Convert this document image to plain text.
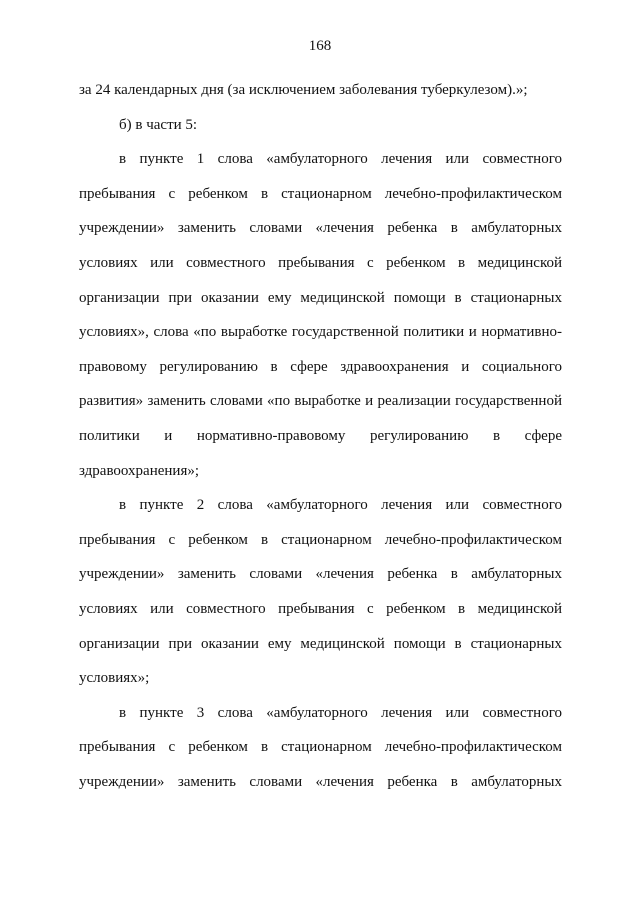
168
за 24 календарных дня (за исключением заболевания туберкулезом).»;
б) в части 5:
в пункте 1 слова «амбулаторного лечения или совместного
пребывания с ребенком в стационарном лечебно-профилактическом
учреждении» заменить словами «лечения ребенка в амбулаторных
условиях или совместного пребывания с ребенком в медицинской
организации при оказании ему медицинской помощи в стационарных
условиях», слова «по выработке государственной политики и нормативно-
правовому регулированию в сфере здравоохранения и социального
развития» заменить словами «по выработке и реализации государственной
политики и нормативно-правовому регулированию в сфере
здравоохранения»;
в пункте 2 слова «амбулаторного лечения или совместного
пребывания с ребенком в стационарном лечебно-профилактическом
учреждении» заменить словами «лечения ребенка в амбулаторных
условиях или совместного пребывания с ребенком в медицинской
организации при оказании ему медицинской помощи в стационарных
условиях»;
в пункте 3 слова «амбулаторного лечения или совместного
пребывания с ребенком в стационарном лечебно-профилактическом
учреждении» заменить словами «лечения ребенка в амбулаторных
